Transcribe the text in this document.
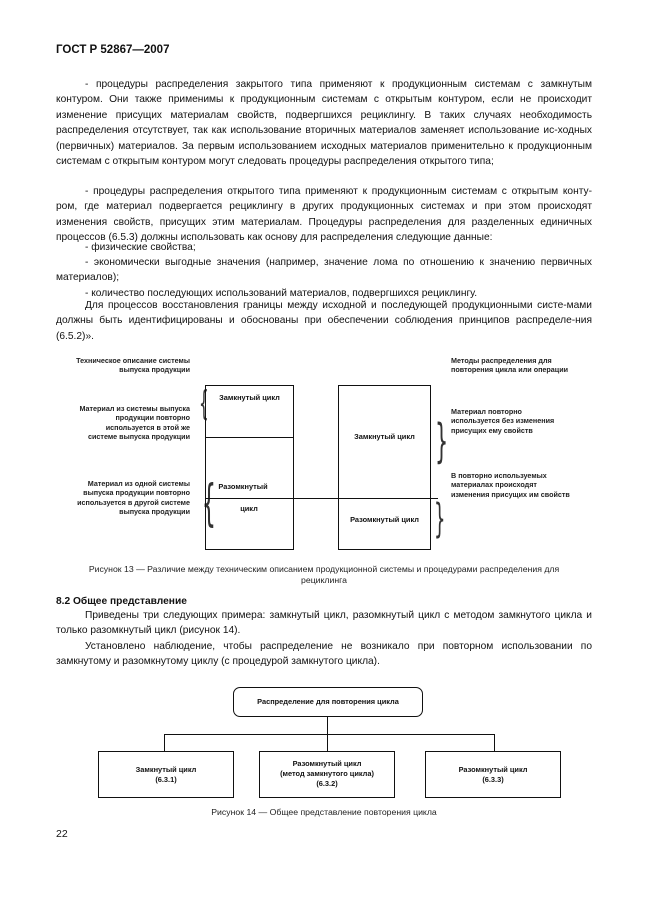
ГОСТ Р 52867—2007
- процедуры распределения закрытого типа применяют к продукционным системам с замкнутым контуром. Они также применимы к продукционным системам с открытым контуром, если не происходит изменение присущих материалам свойств, подвергшихся рециклингу. В таких случаях необходимость распределения отсутствует, так как использование вторичных материалов заменяет использование ис-ходных (первичных) материалов. За первым использованием исходных материалов применительно к продукционным системам с открытым контуром могут следовать процедуры распределения открытого типа;
- процедуры распределения открытого типа применяют к продукционным системам с открытым конту-ром, где материал подвергается рециклингу в других продукционных системах и при этом происходят изменения свойств, присущих этим материалам. Процедуры распределения для разделенных единичных процессов (6.5.3) должны использовать как основу для распределения следующие данные:
- физические свойства;
- экономически выгодные значения (например, значение лома по отношению к значению первичных материалов);
- количество последующих использований материалов, подвергшихся рециклингу.
Для процессов восстановления границы между исходной и последующей продукционными систе-мами должны быть идентифицированы и обоснованы при обеспечении соблюдения принципов распределе-ния (6.5.2)».
Техническое описание системы выпуска продукции
Материал из системы выпуска продукции повторно используется в этой же системе выпуска продукции
Материал из одной системы выпуска продукции повторно используется в другой системе выпуска продукции
{
{
Замкнутый цикл
Разомкнутый
цикл
Замкнутый цикл
Разомкнутый цикл
}
}
Методы распределения для повторения цикла или операции
Материал повторно используется без изменения присущих ему свойств
В повторно используемых материалах происходят изменения присущих им свойств
Рисунок 13 — Различие между техническим описанием продукционной системы и процедурами распределения для рециклинга
8.2 Общее представление
Приведены три следующих примера: замкнутый цикл, разомкнутый цикл с методом замкнутого цикла и только разомкнутый цикл (рисунок 14).
Установлено наблюдение, чтобы распределение не возникало при повторном использовании по замкнутому и разомкнутому циклу (с процедурой замкнутого цикла).
Распределение для повторения цикла
Замкнутый цикл
(6.3.1)
Разомкнутый цикл
(метод замкнутого цикла)
(6.3.2)
Разомкнутый цикл
(6.3.3)
Рисунок 14 — Общее представление повторения цикла
22
